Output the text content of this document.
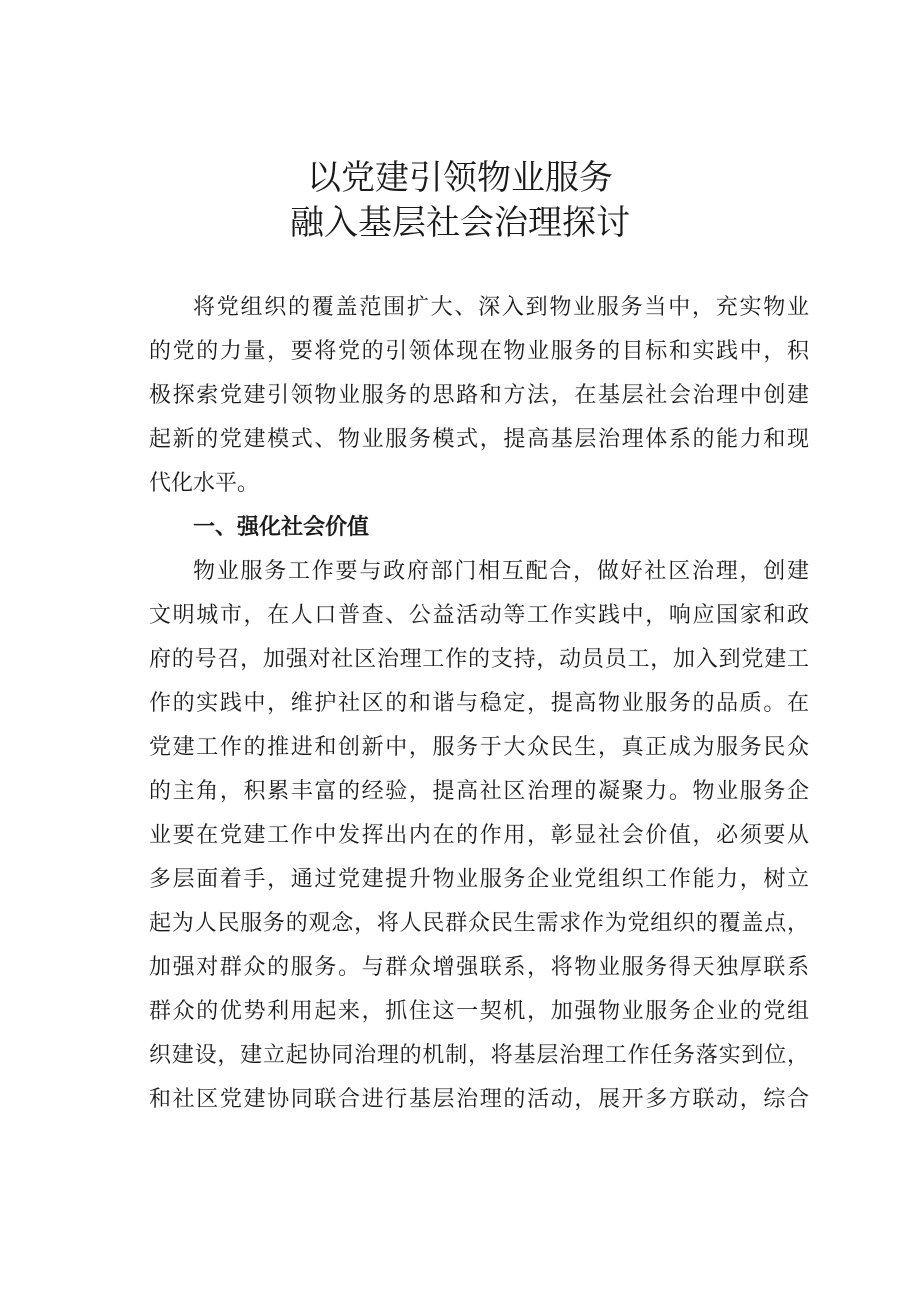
以党建引领物业服务
融入基层社会治理探讨
将党组织的覆盖范围扩大、深入到物业服务当中，充实物业
的党的力量，要将党的引领体现在物业服务的目标和实践中，积
极探索党建引领物业服务的思路和方法，在基层社会治理中创建
起新的党建模式、物业服务模式，提高基层治理体系的能力和现
代化水平。
一、强化社会价值
物业服务工作要与政府部门相互配合，做好社区治理，创建
文明城市，在人口普查、公益活动等工作实践中，响应国家和政
府的号召，加强对社区治理工作的支持，动员员工，加入到党建工
作的实践中，维护社区的和谐与稳定，提高物业服务的品质。在
党建工作的推进和创新中，服务于大众民生，真正成为服务民众
的主角，积累丰富的经验，提高社区治理的凝聚力。物业服务企
业要在党建工作中发挥出内在的作用，彰显社会价值，必须要从
多层面着手，通过党建提升物业服务企业党组织工作能力，树立
起为人民服务的观念，将人民群众民生需求作为党组织的覆盖点，
加强对群众的服务。与群众增强联系，将物业服务得天独厚联系
群众的优势利用起来，抓住这一契机，加强物业服务企业的党组
织建设，建立起协同治理的机制，将基层治理工作任务落实到位，
和社区党建协同联合进行基层治理的活动，展开多方联动，综合
